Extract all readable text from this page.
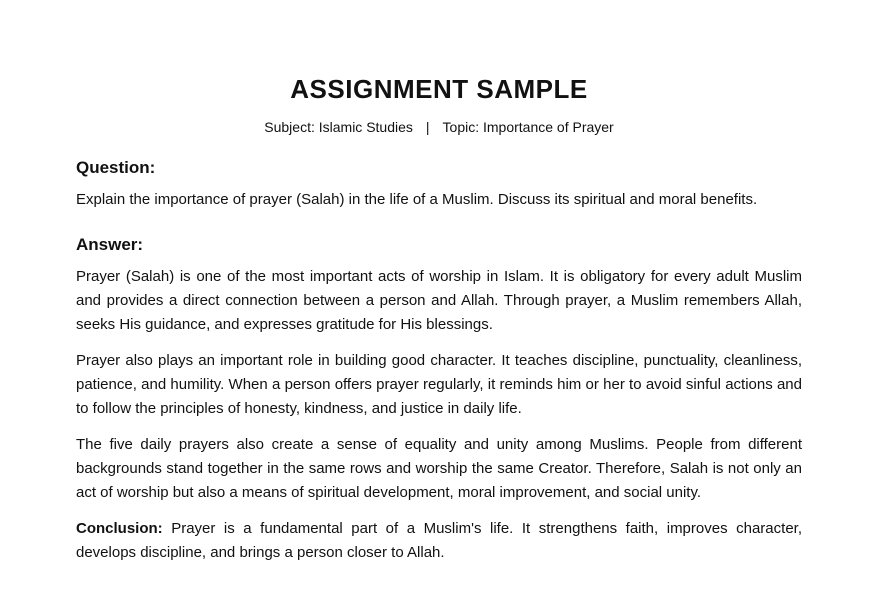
ASSIGNMENT SAMPLE
Subject: Islamic Studies | Topic: Importance of Prayer
Question:

Explain the importance of prayer (Salah) in the life of a Muslim. Discuss its spiritual and moral benefits.

Answer:

Prayer (Salah) is one of the most important acts of worship in Islam. It is obligatory for every adult Muslim and provides a direct connection between a person and Allah. Through prayer, a Muslim remembers Allah, seeks His guidance, and expresses gratitude for His blessings.

Prayer also plays an important role in building good character. It teaches discipline, punctuality, cleanliness, patience, and humility. When a person offers prayer regularly, it reminds him or her to avoid sinful actions and to follow the principles of honesty, kindness, and justice in daily life.

The five daily prayers also create a sense of equality and unity among Muslims. People from different backgrounds stand together in the same rows and worship the same Creator. Therefore, Salah is not only an act of worship but also a means of spiritual development, moral improvement, and social unity.

Conclusion: Prayer is a fundamental part of a Muslim's life. It strengthens faith, improves character, develops discipline, and brings a person closer to Allah.
